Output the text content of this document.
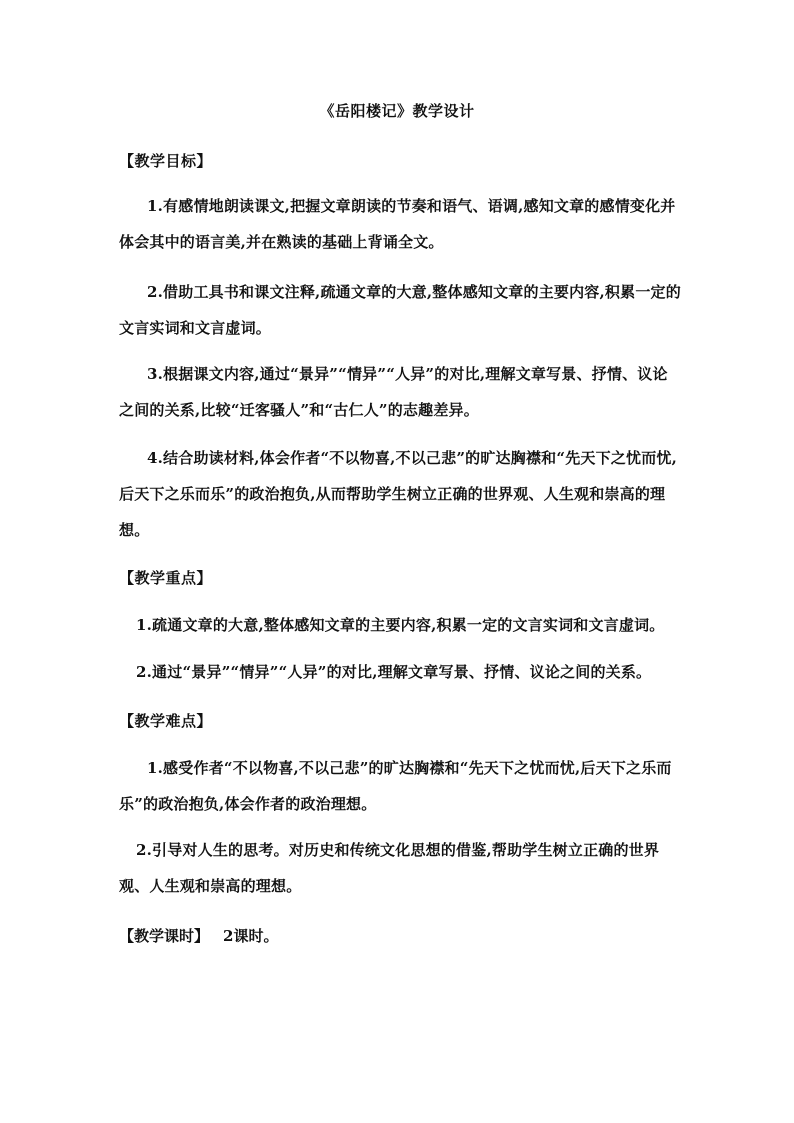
《岳阳楼记》教学设计
【教学目标】
1.有感情地朗读课文,把握文章朗读的节奏和语气、语调,感知文章的感情变化并体会其中的语言美,并在熟读的基础上背诵全文。
2.借助工具书和课文注释,疏通文章的大意,整体感知文章的主要内容,积累一定的文言实词和文言虚词。
3.根据课文内容,通过“景异”“情异”“人异”的对比,理解文章写景、抒情、议论之间的关系,比较“迁客骚人”和“古仁人”的志趣差异。
4.结合助读材料,体会作者“不以物喜,不以己悲”的旷达胸襟和“先天下之忧而忧,后天下之乐而乐”的政治抱负,从而帮助学生树立正确的世界观、人生观和崇高的理想。
【教学重点】
1.疏通文章的大意,整体感知文章的主要内容,积累一定的文言实词和文言虚词。
2.通过“景异”“情异”“人异”的对比,理解文章写景、抒情、议论之间的关系。
【教学难点】
1.感受作者“不以物喜,不以己悲”的旷达胸襟和“先天下之忧而忧,后天下之乐而乐”的政治抱负,体会作者的政治理想。
2.引导对人生的思考。对历史和传统文化思想的借鉴,帮助学生树立正确的世界观、人生观和崇高的理想。
【教学课时】 2课时。
